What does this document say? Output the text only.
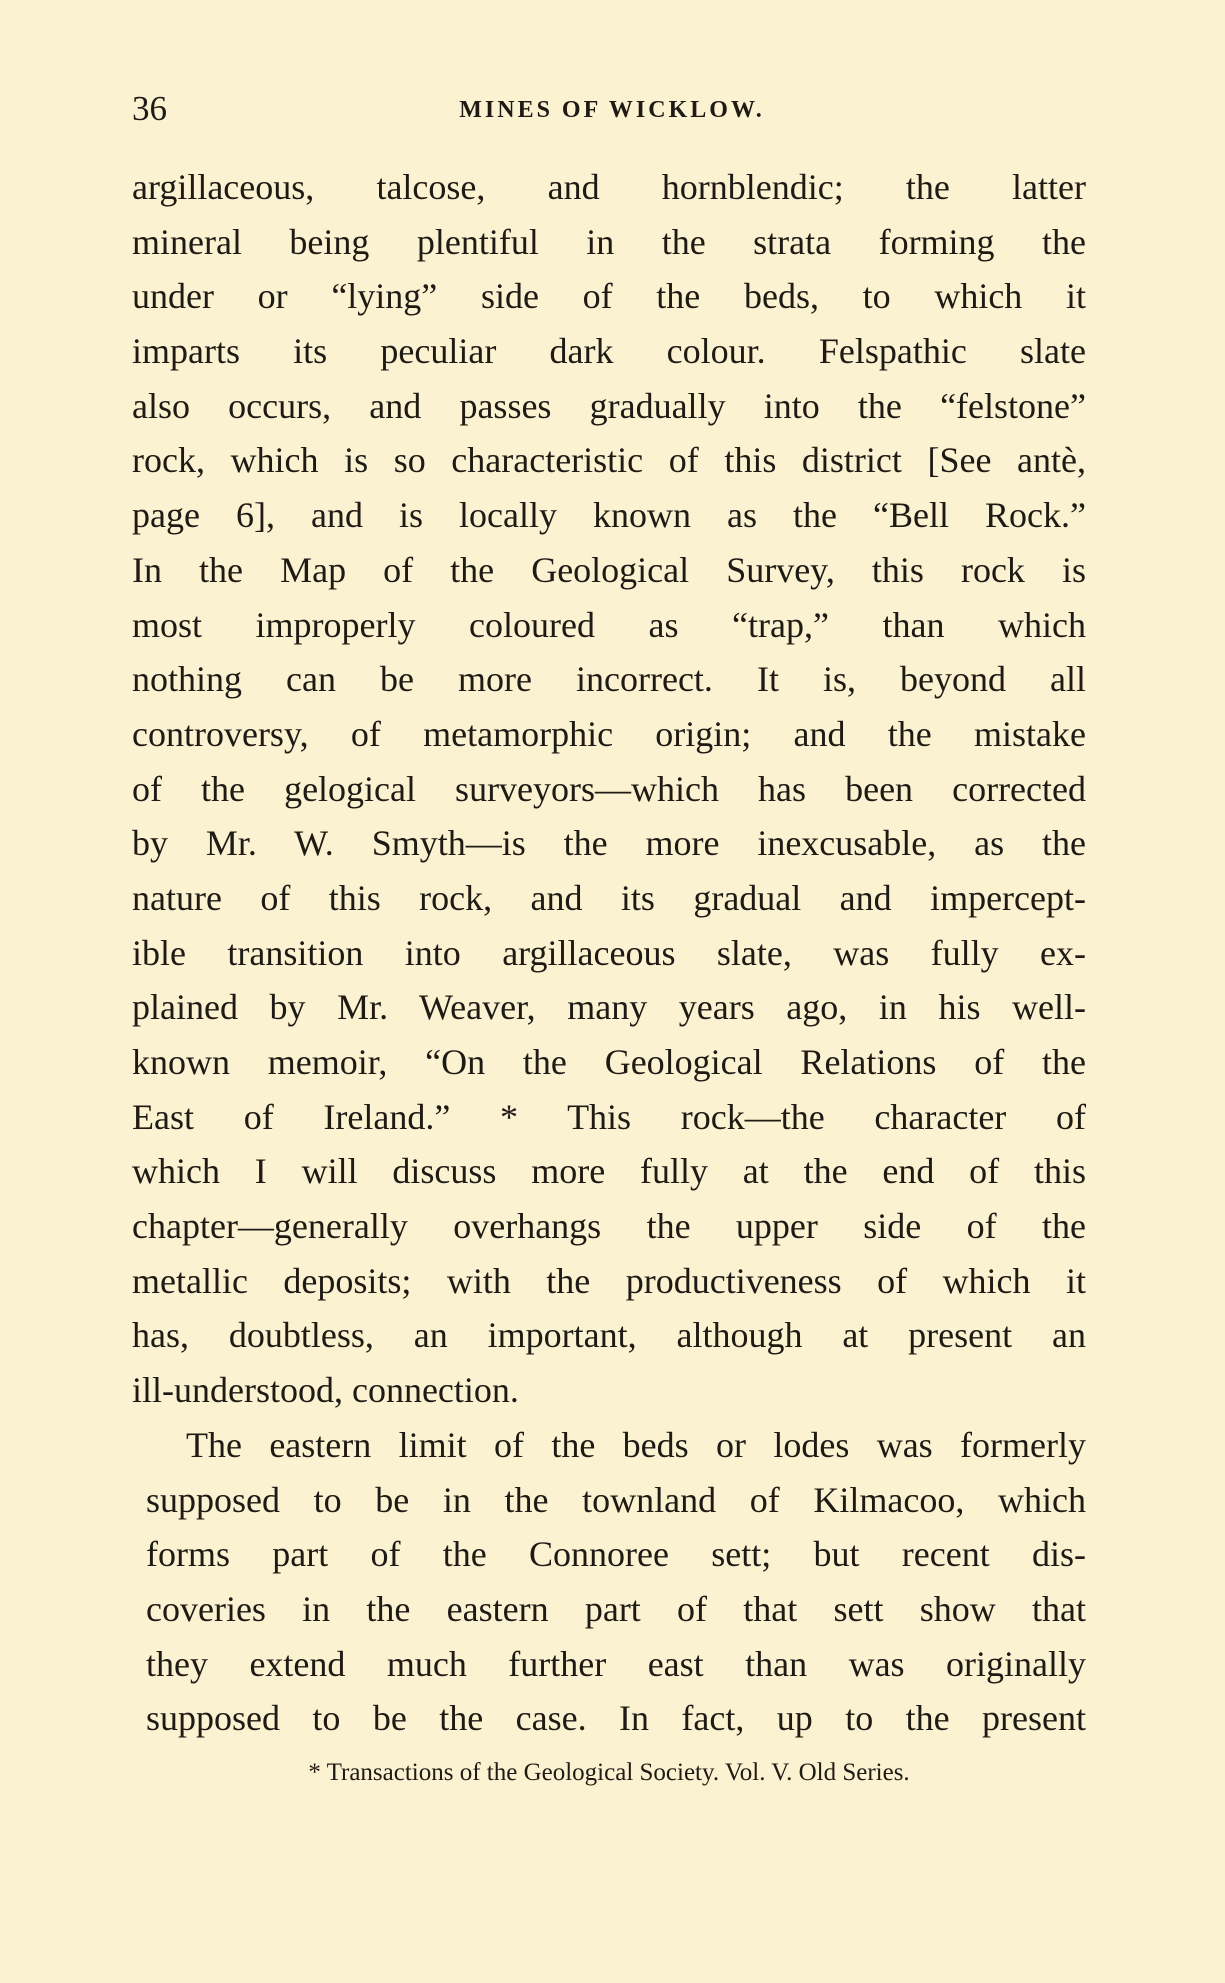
36	MINES OF WICKLOW.
argillaceous, talcose, and hornblendic; the latter
mineral being plentiful in the strata forming the
under or “lying” side of the beds, to which it
imparts its peculiar dark colour. Felspathic slate
also occurs, and passes gradually into the “felstone”
rock, which is so characteristic of this district [See antè,
page 6], and is locally known as the “Bell Rock.”
In the Map of the Geological Survey, this rock is
most improperly coloured as “trap,” than which
nothing can be more incorrect. It is, beyond all
controversy, of metamorphic origin; and the mistake
of the gelogical surveyors—which has been corrected
by Mr. W. Smyth—is the more inexcusable, as the
nature of this rock, and its gradual and impercept-
ible transition into argillaceous slate, was fully ex-
plained by Mr. Weaver, many years ago, in his well-
known memoir, “On the Geological Relations of the
East of Ireland.” * This rock—the character of
which I will discuss more fully at the end of this
chapter—generally overhangs the upper side of the
metallic deposits; with the productiveness of which it
has, doubtless, an important, although at present an
ill-understood, connection.
The eastern limit of the beds or lodes was formerly
supposed to be in the townland of Kilmacoo, which
forms part of the Connoree sett; but recent dis-
coveries in the eastern part of that sett show that
they extend much further east than was originally
supposed to be the case. In fact, up to the present
* Transactions of the Geological Society. Vol. V. Old Series.
